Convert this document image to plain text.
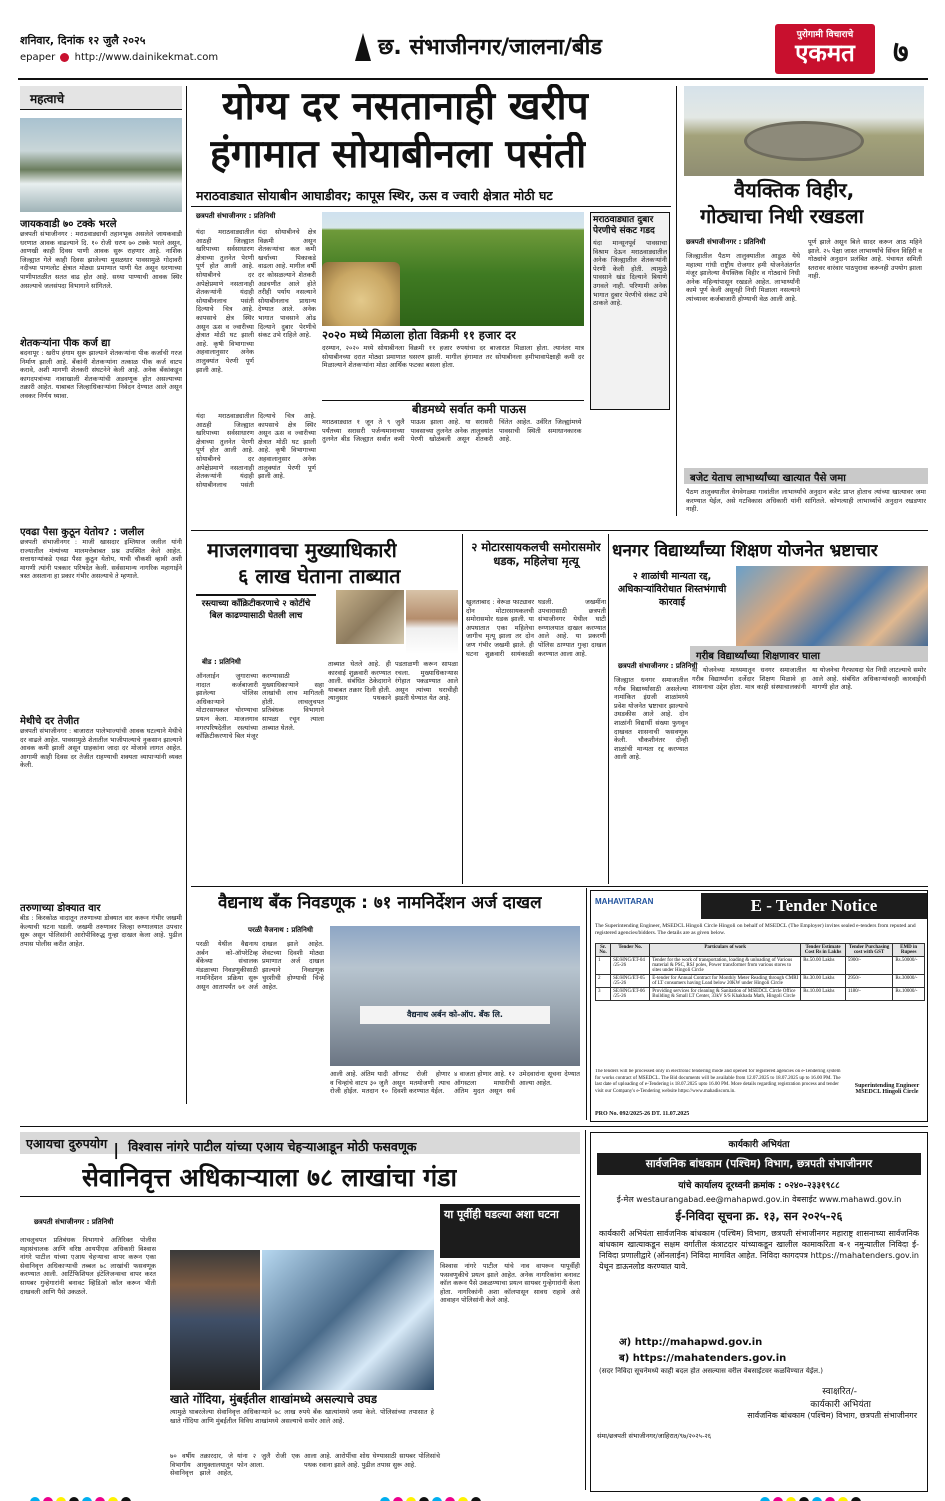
शनिवार, दिनांक १२ जुलै २०२५
epaper http://www.dainikekmat.com	छ. संभाजीनगर/जालना/बीड	पुरोगामी विचाराचे
एकमत	७
महत्वाचे
जायकवाडी ७० टक्के भरले
छत्रपती संभाजीनगर : मराठवाड्याची तहानभूक असलेले जायकवाडी धरणात आवक वाढल्याने दि. १० रोजी धरण ७० टक्के भरले असून, आणखी काही दिवस पाणी आवक सुरू राहणार आहे. नाशिक जिल्ह्यात गेले काही दिवस झालेल्या मुसळधार पावसामुळे गोदावरी नदीच्या पाणलोट क्षेत्रात मोठ्या प्रमाणात पाणी येत असून धरणाच्या पाणीपातळीत सतत वाढ होत आहे. सध्या पाण्याची आवक स्थिर असल्याचे जलसंपदा विभागाने सांगितले.
शेतकऱ्यांना पीक कर्ज द्या
बदनापूर : खरीप हंगाम सुरू झाल्याने शेतकऱ्यांना पीक कर्जाची गरज निर्माण झाली आहे. बँकांनी शेतकऱ्यांना तत्काळ पीक कर्ज वाटप करावे, अशी मागणी शेतकरी संघटनेने केली आहे. अनेक बँकांकडून कागदपत्रांच्या नावाखाली शेतकऱ्यांची अडवणूक होत असल्याच्या तक्रारी आहेत. याबाबत जिल्हाधिकाऱ्यांना निवेदन देण्यात आले असून लवकर निर्णय घ्यावा.
एवढा पैसा कुठून येतोय? : जलील
छत्रपती संभाजीनगर : माजी खासदार इम्तियाज जलील यांनी राज्यातील मंत्र्यांच्या मालमत्तेबाबत प्रश्न उपस्थित केले आहेत. सत्ताधाऱ्यांकडे एवढा पैसा कुठून येतोय, याची चौकशी व्हावी अशी मागणी त्यांनी पत्रकार परिषदेत केली. सर्वसामान्य नागरिक महागाईने त्रस्त असताना हा प्रकार गंभीर असल्याचे ते म्हणाले.
मेथीचे दर तेजीत
छत्रपती संभाजीनगर : बाजारात पालेभाज्यांची आवक घटल्याने मेथीचे दर वाढले आहेत. पावसामुळे शेतातील भाजीपाल्याचे नुकसान झाल्याने आवक कमी झाली असून ग्राहकांना जादा दर मोजावे लागत आहेत. आगामी काही दिवस दर तेजीत राहण्याची शक्यता व्यापाऱ्यांनी व्यक्त केली.
तरुणाच्या डोक्यात वार
बीड : किरकोळ वादातून तरुणाच्या डोक्यात वार करून गंभीर जखमी केल्याची घटना घडली. जखमी तरुणावर जिल्हा रुग्णालयात उपचार सुरू असून पोलिसांनी आरोपीविरुद्ध गुन्हा दाखल केला आहे. पुढील तपास पोलीस करीत आहेत.
योग्य दर नसतानाही खरीप
हंगामात सोयाबीनला पसंती
मराठवाड्यात सोयाबीन आघाडीवर; कापूस स्थिर, ऊस व ज्वारी क्षेत्रात मोठी घट
छत्रपती संभाजीनगर : प्रतिनिधी
यंदा मराठवाड्यातील आठही जिल्ह्यात खरिपाच्या सर्वसाधारण क्षेत्राच्या तुलनेत पेरणी पूर्ण होत आली आहे. सोयाबीनचे दर अपेक्षेप्रमाणे नसतानाही शेतकऱ्यांनी यंदाही सोयाबीनलाच पसंती दिल्याचे चित्र आहे. कापसाचे क्षेत्र स्थिर असून ऊस व ज्वारीच्या क्षेत्रात मोठी घट झाली आहे. कृषी विभागाच्या अहवालानुसार अनेक तालुक्यांत पेरणी पूर्ण झाली आहे.
यंदा सोयाबीनचे क्षेत्र विक्रमी असून शेतकऱ्यांचा कल कमी खर्चाच्या पिकाकडे वाढला आहे. मागील वर्षी दर कोसळल्याने शेतकरी अडचणीत आले होते तरीही पर्याय नसल्याने सोयाबीनलाच प्राधान्य देण्यात आले. अनेक भागात पावसाने ओढ दिल्याने दुबार पेरणीचे संकट उभे राहिले आहे. २०२० मध्ये मिळाला होता विक्रमी ११ हजार दर
दरम्यान, २०२० मध्ये सोयाबीनला विक्रमी ११ हजार रुपयांचा दर बाजारात मिळाला होता. त्यानंतर मात्र सोयाबीनच्या दरात मोठ्या प्रमाणात घसरण झाली. मागील हंगामात तर सोयाबीनला हमीभावापेक्षाही कमी दर मिळाल्याने शेतकऱ्यांना मोठा आर्थिक फटका बसला होता.
मराठवाड्यात दुबार पेरणीचे संकट गडद
यंदा मान्सूनपूर्व पावसाचा विश्राम देऊन मराठवाड्यातील अनेक जिल्ह्यातील शेतकऱ्यांनी पेरणी केली होती. त्यामुळे पावसाने खंड दिल्याने बियाणे उगवले नाही. परिणामी अनेक भागात दुबार पेरणीचे संकट उभे ठाकले आहे.
बीडमध्ये सर्वात कमी पाऊस
मराठवाड्यात १ जून ते ९ जुलै पर्यंतच्या सरासरी पर्जन्यमानाच्या तुलनेत बीड जिल्ह्यात सर्वात कमी पाऊस झाला आहे. या सरासरी पावसाच्या तुलनेत अनेक तालुक्यांत पेरणी खोळंबली असून शेतकरी चिंतेत आहेत. उर्वरित जिल्ह्यांमध्ये पावसाची स्थिती समाधानकारक आहे.
यंदा मराठवाड्यातील आठही जिल्ह्यात खरिपाच्या सर्वसाधारण क्षेत्राच्या तुलनेत पेरणी पूर्ण होत आली आहे. सोयाबीनचे दर अपेक्षेप्रमाणे नसतानाही शेतकऱ्यांनी यंदाही सोयाबीनलाच पसंती दिल्याचे चित्र आहे. कापसाचे क्षेत्र स्थिर असून ऊस व ज्वारीच्या क्षेत्रात मोठी घट झाली आहे. कृषी विभागाच्या अहवालानुसार अनेक तालुक्यांत पेरणी पूर्ण झाली आहे.
वैयक्तिक विहीर,
गोठ्याचा निधी रखडला
छत्रपती संभाजीनगर : प्रतिनिधी
जिल्ह्यातील पैठण तालुक्यातील आडूळ येथे महात्मा गांधी राष्ट्रीय रोजगार हमी योजनेअंतर्गत मंजूर झालेल्या वैयक्तिक विहीर व गोठ्याचे निधी अनेक महिन्यांपासून रखडले आहेत. लाभार्थ्यांनी कामे पूर्ण केली असूनही निधी मिळाला नसल्याने त्यांच्यावर कर्जबाजारी होण्याची वेळ आली आहे.
पूर्ण झाले असून बिले सादर करून आठ महिने झाले. २५ पेक्षा जास्त लाभार्थ्यांचे सिंचन विहिरी व गोठ्यांचे अनुदान प्रलंबित आहे. पंचायत समिती स्तरावर वारंवार पाठपुरावा करूनही उपयोग झाला नाही.
बजेट येताच लाभार्थ्यांच्या खात्यात पैसे जमा
पैठण तालुक्यातील वेगवेगळ्या गावांतील लाभार्थ्यांचे अनुदान बजेट प्राप्त होताच त्यांच्या खात्यावर जमा करण्यात येईल, असे गटविकास अधिकारी यांनी सांगितले. कोणत्याही लाभार्थ्याचे अनुदान रखडणार नाही.
माजलगावचा मुख्याधिकारी
६ लाख घेताना ताब्यात
रस्त्याच्या कॉंक्रिटीकरणाचे २ कोटींचे बिल काढण्यासाठी घेतली लाच
बीड : प्रतिनिधी
ऑनलाईन जुगाराच्या नादात कर्जबाजारी झालेल्या पोलिस अधिकाऱ्याने मोटारसायकल चोरण्याचा प्रयत्न केला. माजलगाव नगरपरिषदेतील रस्त्यांच्या काँक्रिटीकरणाचे बिल मंजूर करण्यासाठी मुख्याधिकाऱ्याने सहा लाखांची लाच मागितली होती. लाचलुचपत प्रतिबंधक विभागाने सापळा रचून त्याला ताब्यात घेतले.
ताब्यात घेतले आहे. ही कारवाई शुक्रवारी करण्यात आली. संबंधित ठेकेदाराने याबाबत तक्रार दिली होती. त्यानुसार पथकाने पडताळणी करून सापळा रचला. मुख्याधिकाऱ्यास रंगेहात पकडण्यात आले असून त्यांच्या घराचीही झडती घेण्यात येत आहे.
२ मोटारसायकलची समोरासमोर धडक, महिलेचा मृत्यू
खुलताबाद : वेरूळ फाट्यावर दोन मोटारसायकलची समोरासमोर धडक झाली. या अपघातात एका महिलेचा जागीच मृत्यू झाला तर दोन जण गंभीर जखमी झाले. ही घटना शुक्रवारी सायंकाळी घडली. जखमींना उपचारासाठी छत्रपती संभाजीनगर येथील घाटी रुग्णालयात दाखल करण्यात आले आहे. या प्रकरणी पोलिस ठाण्यात गुन्हा दाखल करण्यात आला आहे.
धनगर विद्यार्थ्यांच्या शिक्षण योजनेत भ्रष्टाचार
२ शाळांची मान्यता रद्द, अधिकाऱ्यांविरोधात शिस्तभंगाची कारवाई
छत्रपती संभाजीनगर : प्रतिनिधी
जिल्ह्यात धनगर समाजातील गरीब विद्यार्थ्यांसाठी असलेल्या नामांकित इंग्रजी शाळांमध्ये प्रवेश योजनेत भ्रष्टाचार झाल्याचे उघडकीस आले आहे. दोन शाळांनी विद्यार्थी संख्या फुगवून दाखवत शासनाची फसवणूक केली. चौकशीनंतर दोन्ही शाळांची मान्यता रद्द करण्यात आली आहे.
गरीब विद्यार्थ्यांच्या शिक्षणावर घाला
या योजनेच्या माध्यमातून धनगर समाजातील गरीब विद्यार्थ्यांना दर्जेदार शिक्षण मिळावे हा शासनाचा उद्देश होता. मात्र काही संस्थाचालकांनी या योजनेचा गैरफायदा घेत निधी लाटल्याचे समोर आले आहे. संबंधित अधिकाऱ्यांवरही कारवाईची मागणी होत आहे.
वैद्यनाथ बँक निवडणूक : ७१ नामनिर्देशन अर्ज दाखल
परळी वैजनाथ : प्रतिनिधी
परळी येथील वैद्यनाथ अर्बन को-ऑपरेटिव्ह बँकेच्या संचालक मंडळाच्या निवडणुकीसाठी नामनिर्देशन प्रक्रिया सुरू असून आतापर्यंत ७१ अर्ज दाखल झाले आहेत. शेवटच्या दिवशी मोठ्या प्रमाणात अर्ज दाखल झाल्याने निवडणूक चुरशीची होण्याची चिन्हे आहेत.
वैद्यनाथ अर्बन को-ऑप. बँक लि.
आली आहे. अंतिम यादी व चिन्हांचे वाटप ३० जुलै रोजी होईल. मतदान १० ऑगस्ट रोजी होणार असून मतमोजणी त्याच दिवशी करण्यात येईल.
४ वाजता होणार आहे. १२ ऑगस्टला माघारीची अंतिम मुदत असून सर्व उमेदवारांना सूचना देण्यात आल्या आहेत.
MAHAVITARAN	E - Tender Notice
The Superintending Engineer, MSEDCL Hingoli Circle Hingoli on behalf of MSEDCL (The Employer) invites sealed e-tenders from reputed and registered agencies/bidders. The details are as given below.
Sr. No.	Tender No.	Particulars of work	Tender Estimate Cost Rs in Lakhs	Tender Purchasing cost with GST	EMD in Rupees
1	SE/HNG/ET-04 /25-26	Tender for the work of transportation, loading & unloading of Various material & PSC, RSJ poles, Power transformer from various stores to sites under Hingoli Circle	Rs.50.00 Lakhs	5900/-	Rs.50000/-
2	SE/HNG/ET-05 /25-26	E-tender for Annual Contract for Monthly Meter Reading through CMRI of LT consumers having Load below 20KW under Hingoli Circle	Rs.30.00 Lakhs	2950/-	Rs.30000/-
3	SE/HNG/ET-06 /25-26	Providing services for cleaning & Sanitation of MSEDCL Circle Office Building & Small LT Center, 33kV S/S Khakhada Math, Hingoli Circle	Rs.10.00 Lakhs	1180/-	Rs.10000/-
The tenders will be processed only in electronic tendering mode and opened for registered agencies on e-Tendering system for works contract of MSEDCL. The Bid documents will be available from 12.07.2025 to 18.07.2025 up to 16.00 PM. The last date of uploading of e-Tendering is 18.07.2025 upto 16.00 PM. More details regarding registration process and tender visit our Company's e-Tendering website https://www.mahadiscom.in.
Superintending Engineer MSEDCL Hingoli Circle
PRO No. 092/2025-26 DT. 11.07.2025
एआयचा दुरुपयोग | विश्वास नांगरे पाटील यांच्या एआय चेहऱ्याआडून मोठी फसवणूक
सेवानिवृत्त अधिकाऱ्याला ७८ लाखांचा गंडा
छत्रपती संभाजीनगर : प्रतिनिधी
लाचलुचपत प्रतिबंधक विभागाचे अतिरिक्त पोलीस महासंचालक आणि वरिष्ठ आयपीएस अधिकारी विश्वास नांगरे पाटील यांच्या एआय चेहऱ्याचा वापर करून एका सेवानिवृत्त अधिकाऱ्याची तब्बल ७८ लाखांची फसवणूक करण्यात आली. आर्टिफिशियल इंटेलिजन्सचा वापर करत सायबर गुन्हेगारांनी बनावट व्हिडिओ कॉल करून भीती दाखवली आणि पैसे उकळले.
खाते गोंदिया, मुंबईतील शाखांमध्ये असल्याचे उघड
त्यामुळे घाबरलेल्या सेवानिवृत्त अधिकाऱ्याने ७८ लाख रुपये बँक खात्यांमध्ये जमा केले. पोलिसांच्या तपासात हे खाते गोंदिया आणि मुंबईतील विविध शाखांमध्ये असल्याचे समोर आले आहे.
या पूर्वीही घडल्या अशा घटना
विश्वास नांगरे पाटील यांचे नाव वापरून यापूर्वीही फसवणुकीचे प्रयत्न झाले आहेत. अनेक नागरिकांना बनावट कॉल करून पैसे उकळण्याचा प्रयत्न सायबर गुन्हेगारांनी केला होता. नागरिकांनी अशा कॉलपासून सावध राहावे असे आवाहन पोलिसांनी केले आहे.
७० वर्षीय तक्रारदार, जे विभागीय आयुक्तालयातून सेवानिवृत्त झाले आहेत, यांना २ जुलै रोजी एक फोन आला.
आला आहे. आरोपींचा शोध घेण्यासाठी सायबर पोलिसांचे पथक रवाना झाले आहे. पुढील तपास सुरू आहे.
कार्यकारी अभियंता
सार्वजनिक बांधकाम (पश्चिम) विभाग, छत्रपती संभाजीनगर
यांचे कार्यालय दूरध्वनी क्रमांक : ०२४०-२३३१९८८
ई-मेल westaurangabad.ee@mahapwd.gov.in वेबसाईट www.mahawd.gov.in
ई-निविदा सूचना क्र. १३, सन २०२५-२६
कार्यकारी अभियंता सार्वजनिक बांधकाम (पश्चिम) विभाग, छत्रपती संभाजीनगर महाराष्ट्र शासनाच्या सार्वजनिक बांधकाम खात्याकडून सक्षम वर्गातील कंत्राटदार यांच्याकडून खालील कामाकरिता ब-१ नमुन्यातील निविदा ई-निविदा प्रणालीद्वारे (ऑनलाईन) निविदा मागवित आहेत. निविदा कागदपत्र https://mahatenders.gov.in येथून डाऊनलोड करण्यात यावे.
अ) http://mahapwd.gov.in
ब) https://mahatenders.gov.in
(सदर निविदा सूचनेमध्ये काही बदल होत असल्यास वरील वेबसाईटवर कळविण्यात येईल.)
स्वाक्षरित/-
कार्यकारी अभियंता
सार्वजनिक बांधकाम (पश्चिम) विभाग, छत्रपती संभाजीनगर
संमा/छत्रपती संभाजीनगर/जाहिरात/९७/२०२५-२६
